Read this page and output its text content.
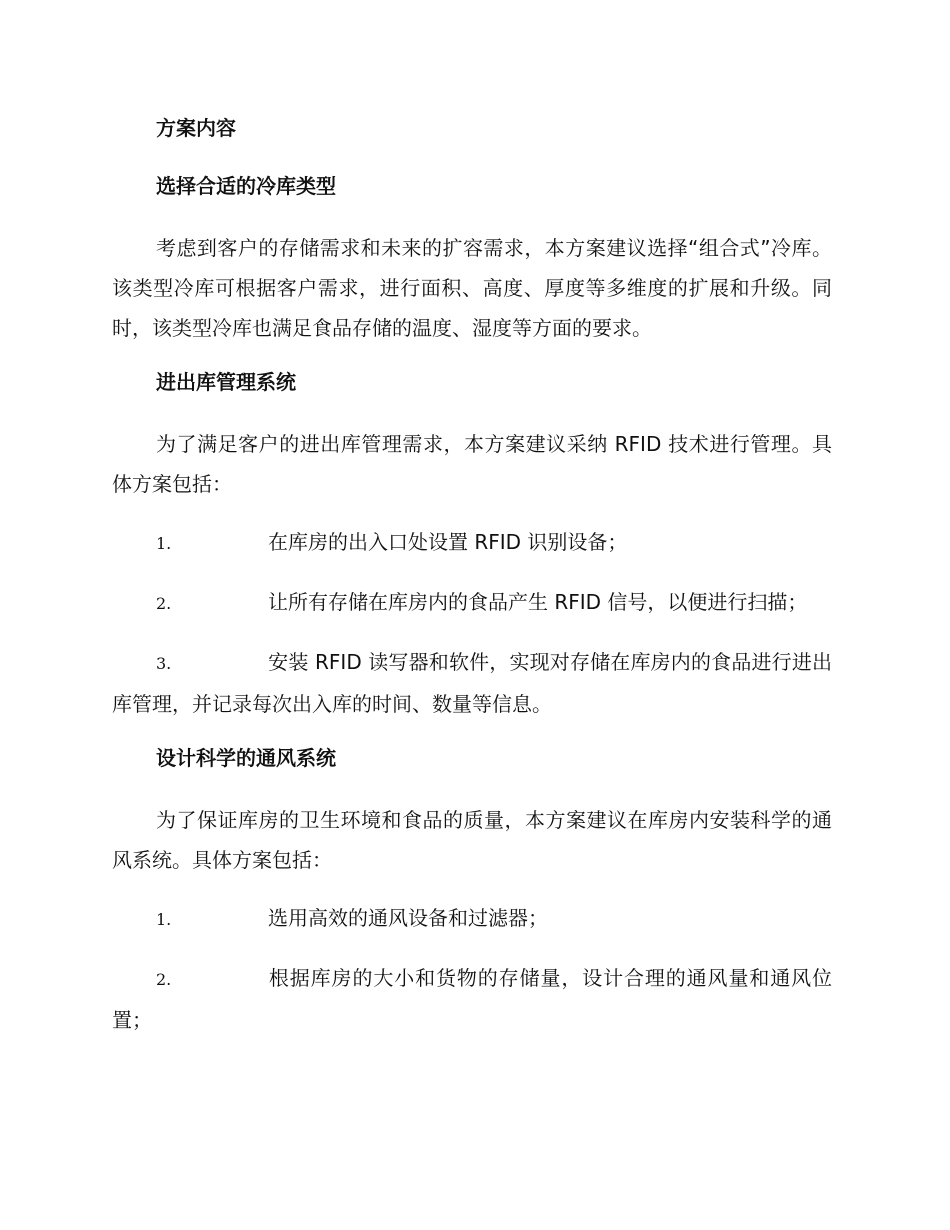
方案内容
选择合适的冷库类型
考虑到客户的存储需求和未来的扩容需求，本方案建议选择“组合式”冷库。该类型冷库可根据客户需求，进行面积、高度、厚度等多维度的扩展和升级。同时，该类型冷库也满足食品存储的温度、湿度等方面的要求。
进出库管理系统
为了满足客户的进出库管理需求，本方案建议采纳 RFID 技术进行管理。具体方案包括：
1.	在库房的出入口处设置 RFID 识别设备；
2.	让所有存储在库房内的食品产生 RFID 信号，以便进行扫描；
3.	安装 RFID 读写器和软件，实现对存储在库房内的食品进行进出库管理，并记录每次出入库的时间、数量等信息。
设计科学的通风系统
为了保证库房的卫生环境和食品的质量，本方案建议在库房内安装科学的通风系统。具体方案包括：
1.	选用高效的通风设备和过滤器；
2.	根据库房的大小和货物的存储量，设计合理的通风量和通风位置；
